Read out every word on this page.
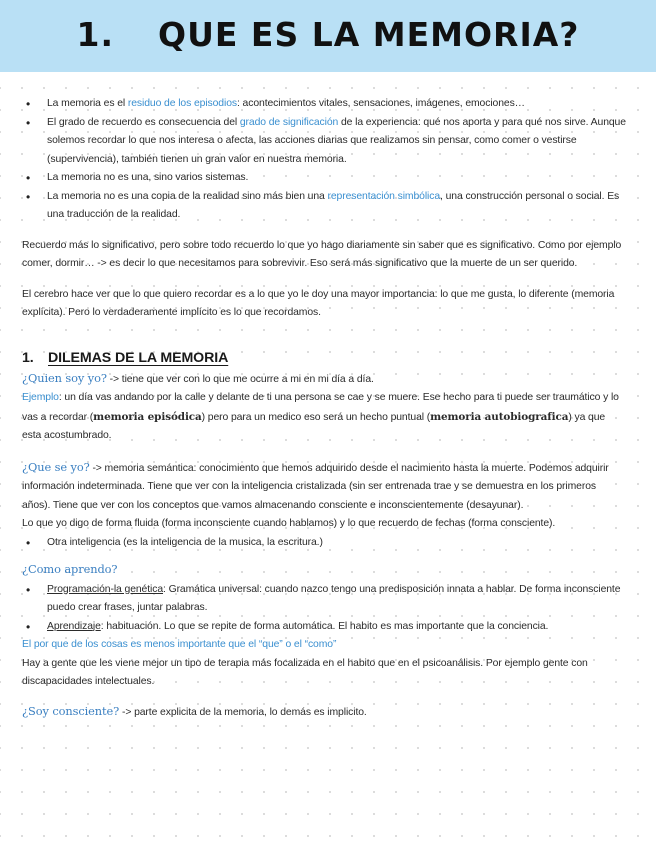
1. QUE ES LA MEMORIA?
• La memoria es el residuo de los episodios: acontecimientos vitales, sensaciones, imágenes, emociones…
• El grado de recuerdo es consecuencia del grado de significación de la experiencia: qué nos aporta y para qué nos sirve. Aunque solemos recordar lo que nos interesa o afecta, las acciones diarias que realizamos sin pensar, como comer o vestirse (supervivencia), también tienen un gran valor en nuestra memoria.
• La memoria no es una, sino varios sistemas.
• La memoria no es una copia de la realidad sino más bien una representación simbólica, una construcción personal o social. Es una traducción de la realidad.

Recuerdo más lo significativo, pero sobre todo recuerdo lo que yo hago diariamente sin saber que es significativo. Como por ejemplo comer, dormir… -> es decir lo que necesitamos para sobrevivir. Eso será más significativo que la muerte de un ser querido.

El cerebro hace ver que lo que quiero recordar es a lo que yo le doy una mayor importancia: lo que me gusta, lo diferente (memoria explícita). Pero lo verdaderamente implícito es lo que recordamos.

1. DILEMAS DE LA MEMORIA

¿Quien soy yo? -> tiene que ver con lo que me ocurre a mi en mi día a día.

Ejemplo: un día vas andando por la calle y delante de ti una persona se cae y se muere. Ese hecho para ti puede ser traumático y lo vas a recordar (memoria episódica) pero para un medico eso será un hecho puntual (memoria autobiografica) ya que esta acostumbrado.

¿Que se yo? -> memoria semántica: conocimiento que hemos adquirido desde el nacimiento hasta la muerte. Podemos adquirir información indeterminada. Tiene que ver con la inteligencia cristalizada (sin ser entrenada trae y se demuestra en los primeros años). Tiene que ver con los conceptos que vamos almacenando consciente e inconscientemente (desayunar).

Lo que yo digo de forma fluida (forma inconsciente cuando hablamos) y lo que recuerdo de fechas (forma consciente).

• Otra inteligencia (es la inteligencia de la musica, la escritura.)

¿Como aprendo?

• Programación-la genética: Gramática universal: cuando nazco tengo una predisposición innata a hablar. De forma inconsciente puedo crear frases, juntar palabras.
• Aprendizaje: habituación. Lo que se repite de forma automática. El habito es mas importante que la conciencia.

El por que de los cosas es menos importante que el “que” o el “como”

Hay a gente que les viene mejor un tipo de terapia más focalizada en el habito que en el psicoanálisis. Por ejemplo gente con discapacidades intelectuales.

¿Soy consciente? -> parte explicita de la memoria, lo demás es implicito.
